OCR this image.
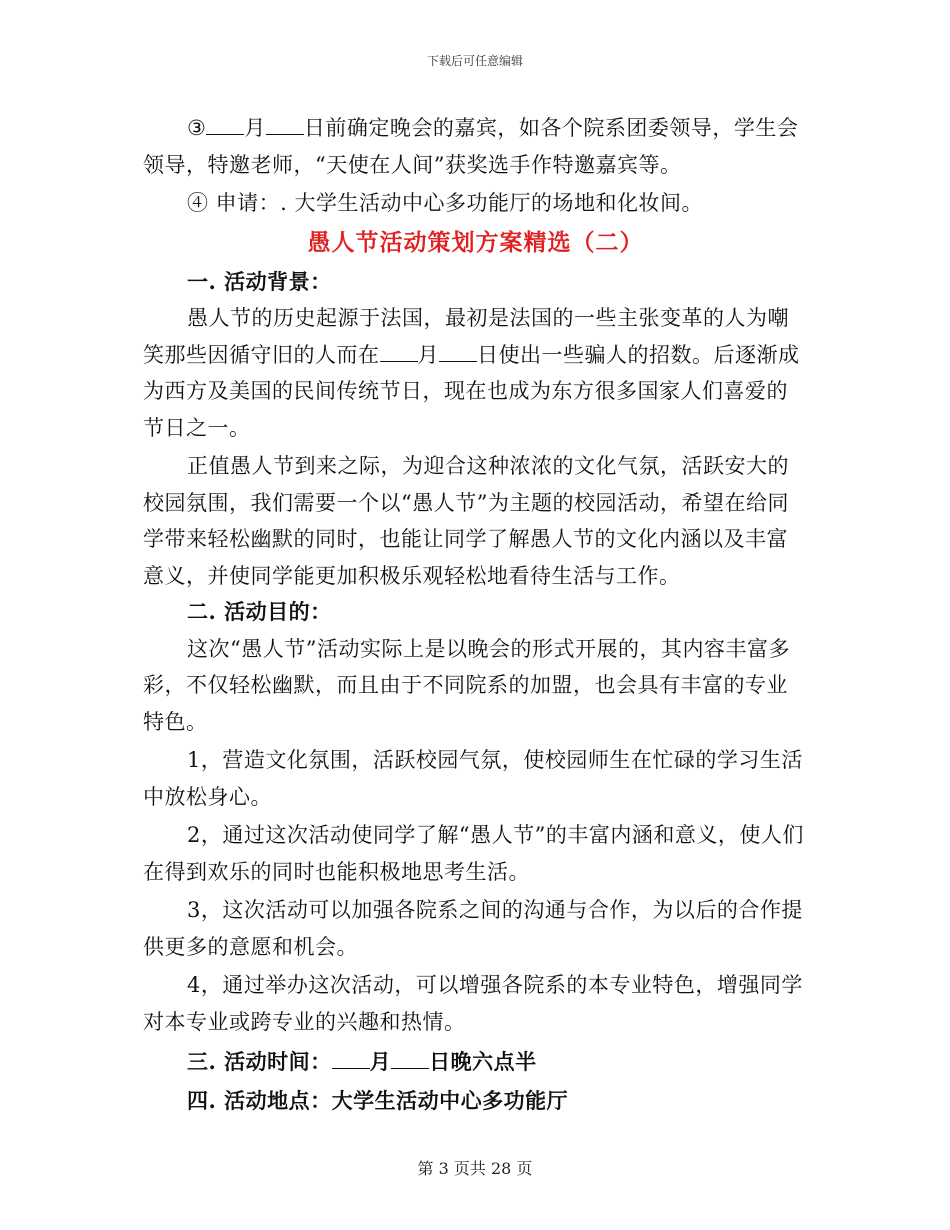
下载后可任意编辑

③ 月 日前确定晚会的嘉宾，如各个院系团委领导，学生会领导，特邀老师，“天使在人间”获奖选手作特邀嘉宾等。

④ 申请：. 大学生活动中心多功能厅的场地和化妆间。

愚人节活动策划方案精选（二）

一. 活动背景：

愚人节的历史起源于法国，最初是法国的一些主张变革的人为嘲笑那些因循守旧的人而在 月 日使出一些骗人的招数。后逐渐成为西方及美国的民间传统节日，现在也成为东方很多国家人们喜爱的节日之一。

正值愚人节到来之际，为迎合这种浓浓的文化气氛，活跃安大的校园氛围，我们需要一个以“愚人节”为主题的校园活动，希望在给同学带来轻松幽默的同时，也能让同学了解愚人节的文化内涵以及丰富意义，并使同学能更加积极乐观轻松地看待生活与工作。

二. 活动目的：

这次“愚人节”活动实际上是以晚会的形式开展的，其内容丰富多彩，不仅轻松幽默，而且由于不同院系的加盟，也会具有丰富的专业特色。

1，营造文化氛围，活跃校园气氛，使校园师生在忙碌的学习生活中放松身心。

2，通过这次活动使同学了解“愚人节”的丰富内涵和意义，使人们在得到欢乐的同时也能积极地思考生活。

3，这次活动可以加强各院系之间的沟通与合作，为以后的合作提供更多的意愿和机会。

4，通过举办这次活动，可以增强各院系的本专业特色，增强同学对本专业或跨专业的兴趣和热情。

三. 活动时间： 月 日晚六点半

四. 活动地点：大学生活动中心多功能厅

第 3 页共 28 页
